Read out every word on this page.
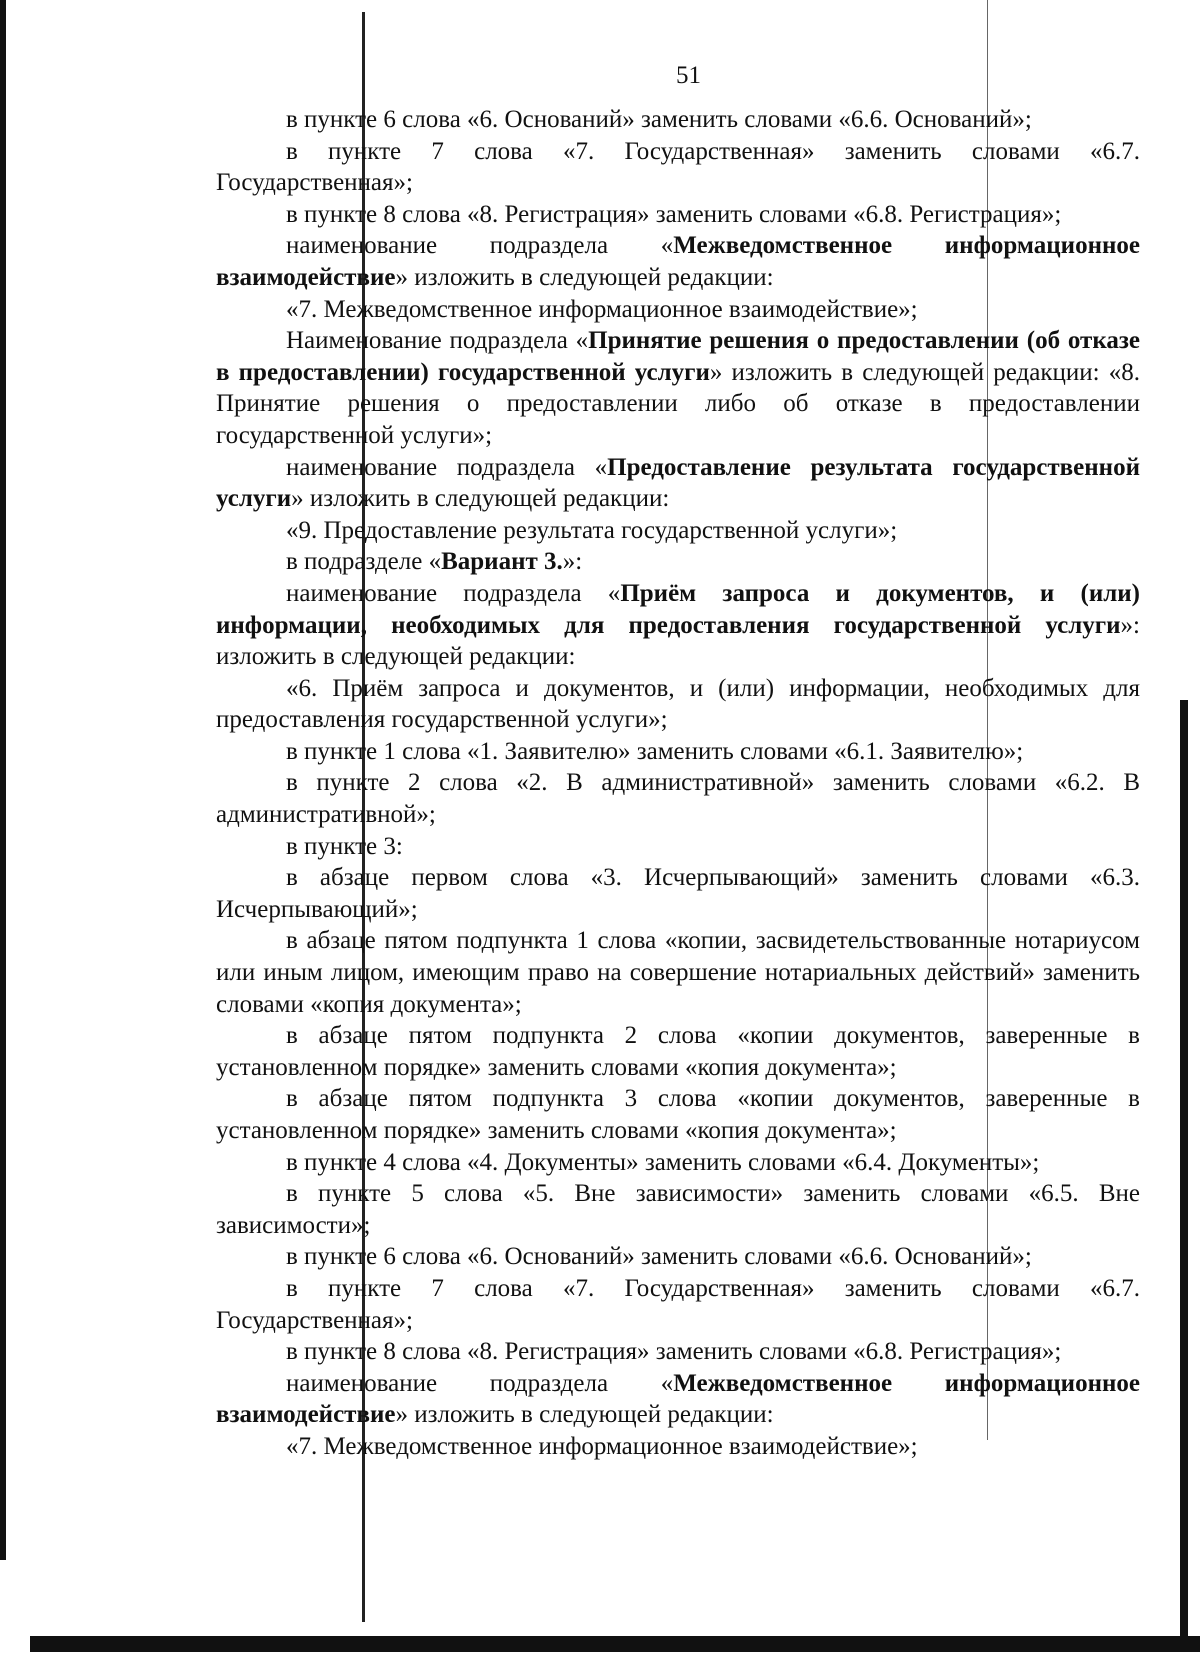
51

в пункте 6 слова «6. Оснований» заменить словами «6.6. Оснований»;

в пункте 7 слова «7. Государственная» заменить словами «6.7. Государственная»;

в пункте 8 слова «8. Регистрация» заменить словами «6.8. Регистрация»;

наименование подраздела «Межведомственное информационное взаимодействие» изложить в следующей редакции:

«7. Межведомственное информационное взаимодействие»;

Наименование подраздела «Принятие решения о предоставлении (об отказе в предоставлении) государственной услуги» изложить в следующей редакции: «8. Принятие решения о предоставлении либо об отказе в предоставлении государственной услуги»;

наименование подраздела «Предоставление результата государственной услуги» изложить в следующей редакции:

«9. Предоставление результата государственной услуги»;

в подразделе «Вариант 3.»:

наименование подраздела «Приём запроса и документов, и (или) информации, необходимых для предоставления государственной услуги»: изложить в следующей редакции:

«6. Приём запроса и документов, и (или) информации, необходимых для предоставления государственной услуги»;

в пункте 1 слова «1. Заявителю» заменить словами «6.1. Заявителю»;

в пункте 2 слова «2. В административной» заменить словами «6.2. В административной»;

в пункте 3:

в абзаце первом слова «3. Исчерпывающий» заменить словами «6.3. Исчерпывающий»;

в абзаце пятом подпункта 1 слова «копии, засвидетельствованные нотариусом или иным лицом, имеющим право на совершение нотариальных действий» заменить словами «копия документа»;

в абзаце пятом подпункта 2 слова «копии документов, заверенные в установленном порядке» заменить словами «копия документа»;

в абзаце пятом подпункта 3 слова «копии документов, заверенные в установленном порядке» заменить словами «копия документа»;

в пункте 4 слова «4. Документы» заменить словами «6.4. Документы»;

в пункте 5 слова «5. Вне зависимости» заменить словами «6.5. Вне зависимости»;

в пункте 6 слова «6. Оснований» заменить словами «6.6. Оснований»;

в пункте 7 слова «7. Государственная» заменить словами «6.7. Государственная»;

в пункте 8 слова «8. Регистрация» заменить словами «6.8. Регистрация»;

наименование подраздела «Межведомственное информационное взаимодействие» изложить в следующей редакции:

«7. Межведомственное информационное взаимодействие»;
